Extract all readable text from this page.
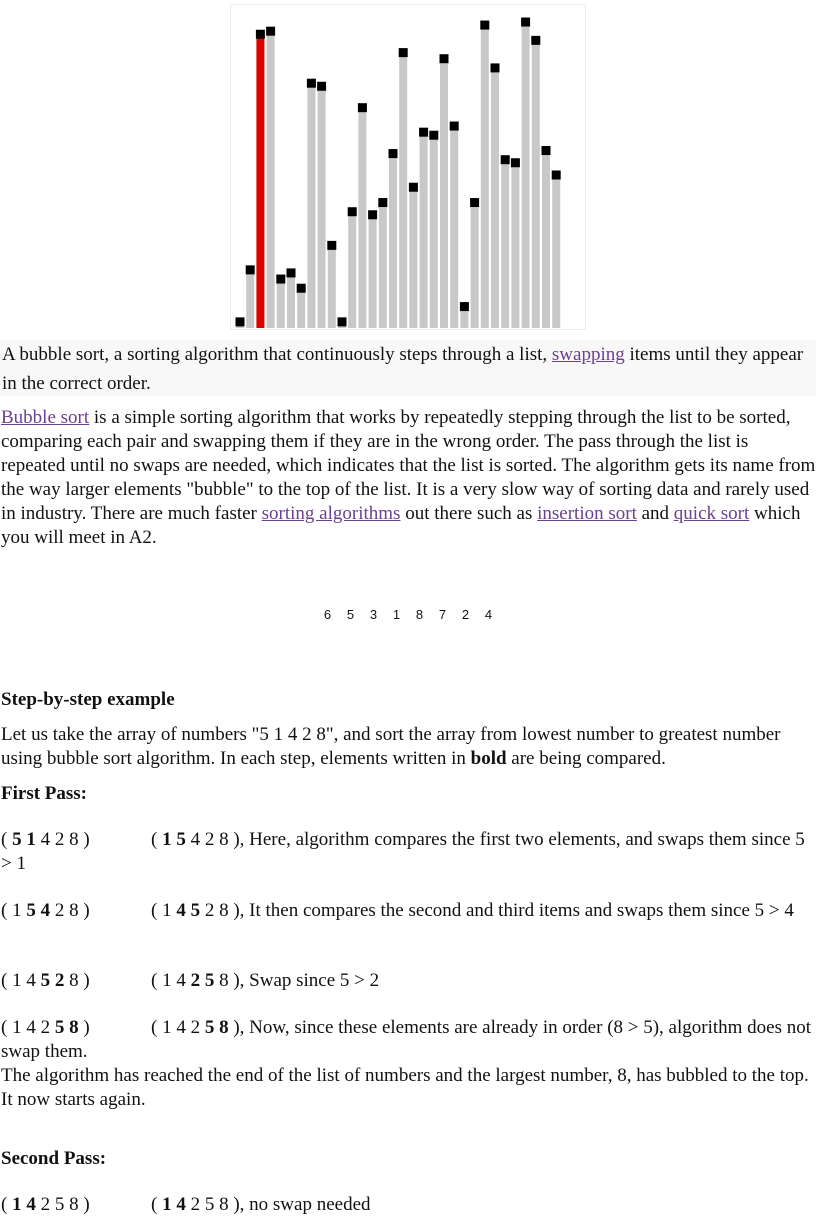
A bubble sort, a sorting algorithm that continuously steps through a list, swapping items until they appear in the correct order.
Bubble sort is a simple sorting algorithm that works by repeatedly stepping through the list to be sorted, comparing each pair and swapping them if they are in the wrong order. The pass through the list is repeated until no swaps are needed, which indicates that the list is sorted. The algorithm gets its name from the way larger elements "bubble" to the top of the list. It is a very slow way of sorting data and rarely used in industry. There are much faster sorting algorithms out there such as insertion sort and quick sort which you will meet in A2.
6 5 3 1 8 7 2 4
Step-by-step example
Let us take the array of numbers "5 1 4 2 8", and sort the array from lowest number to greatest number using bubble sort algorithm. In each step, elements written in bold are being compared.
First Pass:
( 5 1 4 2 8 )	( 1 5 4 2 8 ), Here, algorithm compares the first two elements, and swaps them since 5 > 1
( 1 5 4 2 8 )	( 1 4 5 2 8 ), It then compares the second and third items and swaps them since 5 > 4
( 1 4 5 2 8 )	( 1 4 2 5 8 ), Swap since 5 > 2
( 1 4 2 5 8 )	( 1 4 2 5 8 ), Now, since these elements are already in order (8 > 5), algorithm does not swap them.
The algorithm has reached the end of the list of numbers and the largest number, 8, has bubbled to the top. It now starts again.
Second Pass:
( 1 4 2 5 8 )	( 1 4 2 5 8 ), no swap needed
